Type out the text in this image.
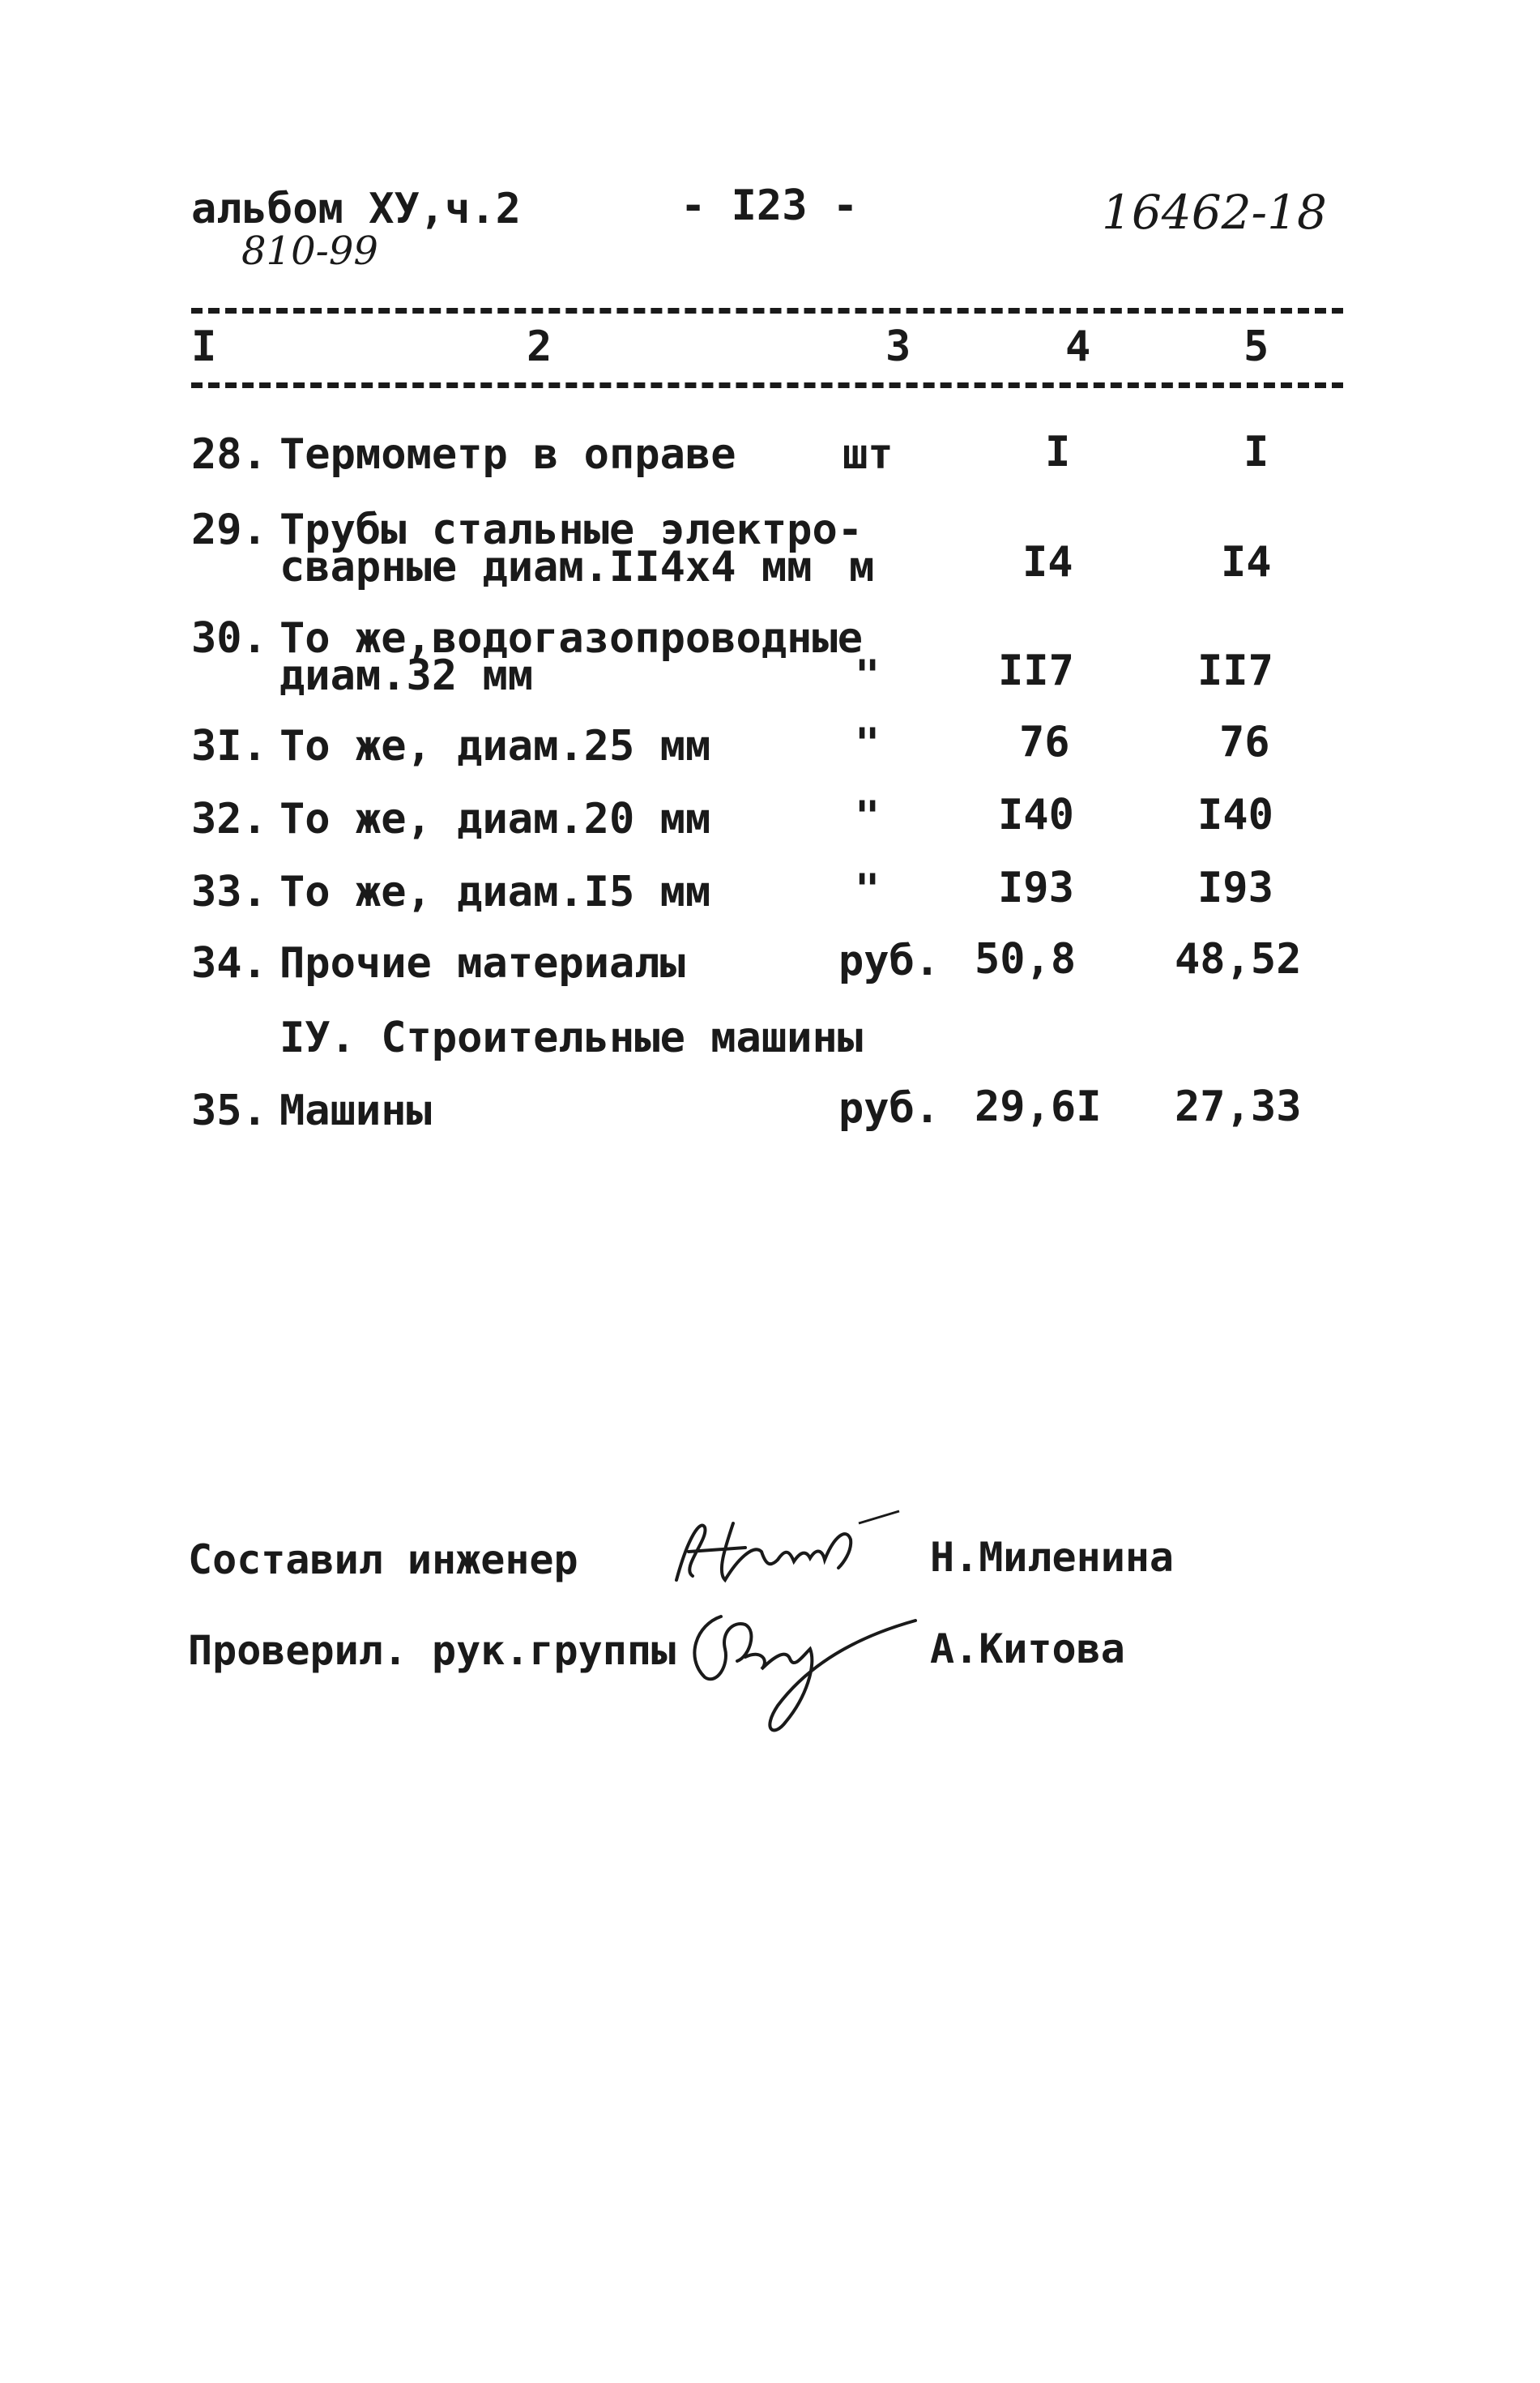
альбом ХУ,ч.2
810-99
- I23 -	16462-18
I	2	3	4	5
28. Термометр в оправе	шт	I	I
29. Трубы стальные электро-
сварные диам.II4х4 мм м	I4	I4
30. То же,водогазопроводные
диам.32 мм	"	II7	II7
3I. То же, диам.25 мм	"	76	76
32. То же, диам.20 мм	"	I40	I40
33. То же, диам.I5 мм	"	I93	I93
34. Прочие материалы	руб. 50,8 48,52
IУ. Строительные машины
35. Машины	руб. 29,6I 27,33
Составил инженер	Н.Миленина
Проверил. рук.группы	А.Китова
